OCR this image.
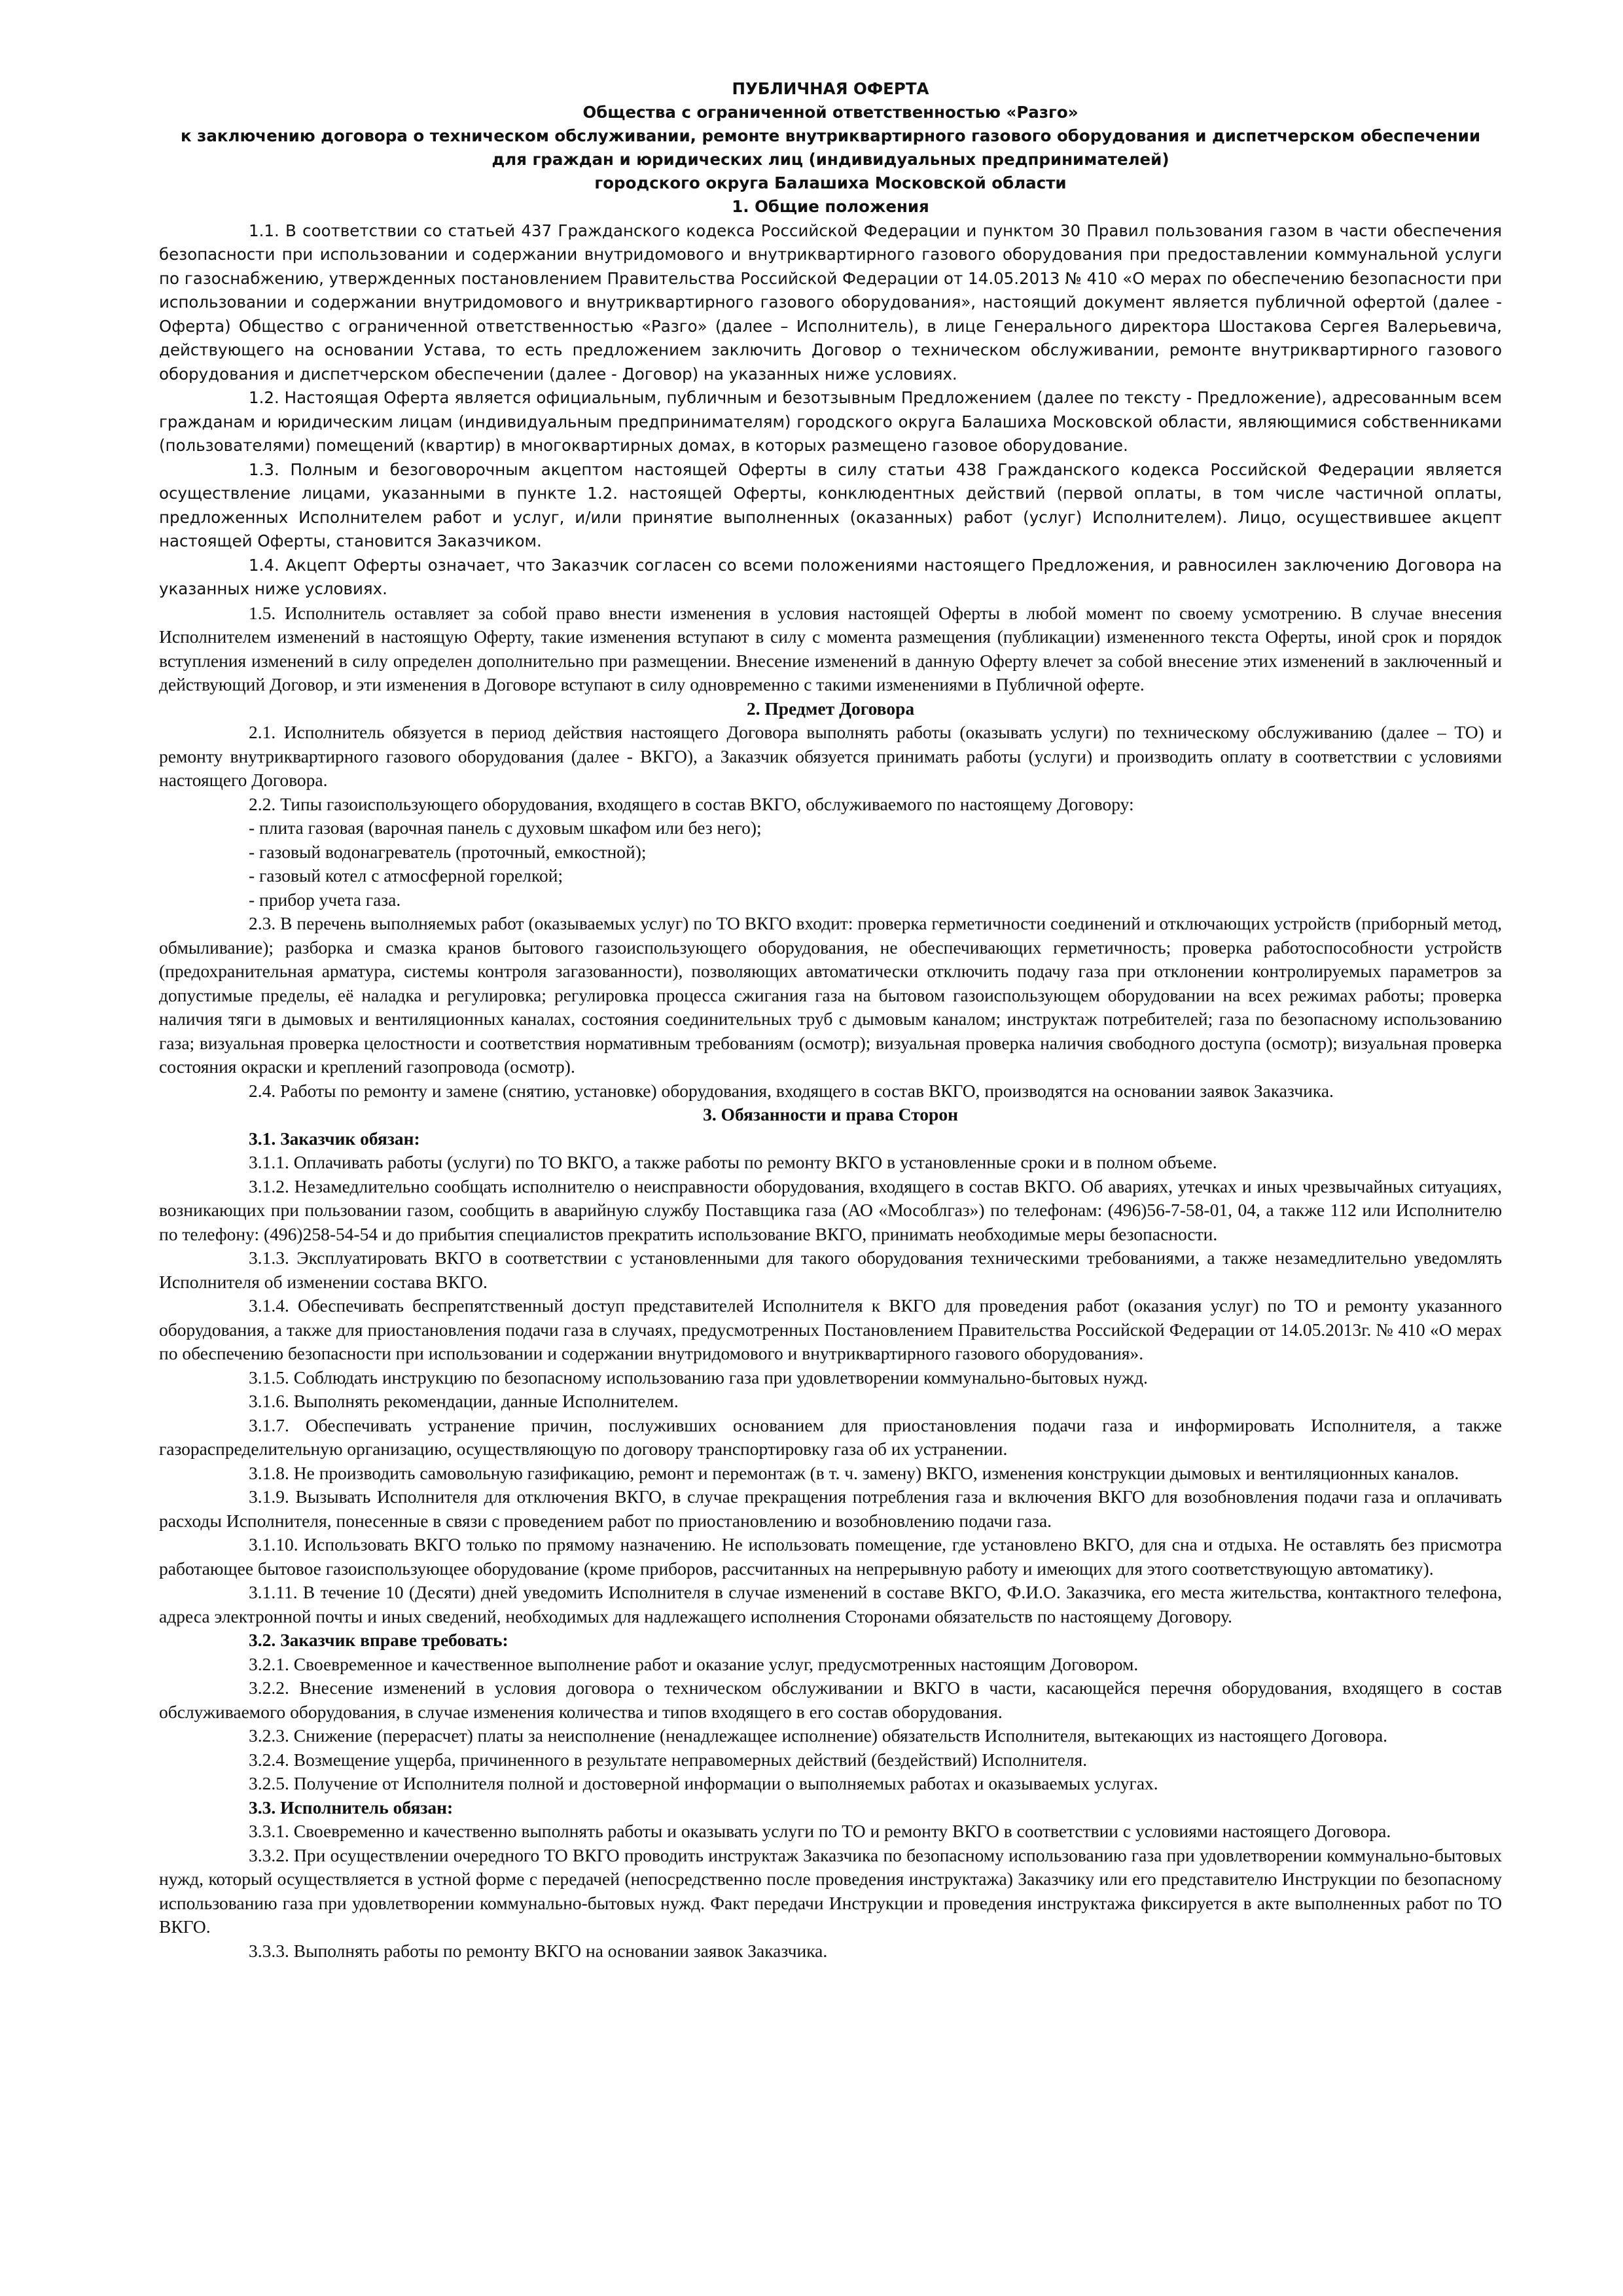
ПУБЛИЧНАЯ ОФЕРТА
Общества с ограниченной ответственностью «Разго»
к заключению договора о техническом обслуживании, ремонте внутриквартирного газового оборудования и диспетчерском обеспечении
для граждан и юридических лиц (индивидуальных предпринимателей)
городского округа Балашиха Московской области
1. Общие положения

1.1. В соответствии со статьей 437 Гражданского кодекса Российской Федерации и пунктом 30 Правил пользования газом в части обеспечения безопасности при использовании и содержании внутридомового и внутриквартирного газового оборудования при предоставлении коммунальной услуги по газоснабжению, утвержденных постановлением Правительства Российской Федерации от 14.05.2013 № 410 «О мерах по обеспечению безопасности при использовании и содержании внутридомового и внутриквартирного газового оборудования», настоящий документ является публичной офертой (далее - Оферта) Общество с ограниченной ответственностью «Разго» (далее – Исполнитель), в лице Генерального директора Шостакова Сергея Валерьевича, действующего на основании Устава, то есть предложением заключить Договор о техническом обслуживании, ремонте внутриквартирного газового оборудования и диспетчерском обеспечении (далее - Договор) на указанных ниже условиях.

1.2. Настоящая Оферта является официальным, публичным и безотзывным Предложением (далее по тексту - Предложение), адресованным всем гражданам и юридическим лицам (индивидуальным предпринимателям) городского округа Балашиха Московской области, являющимися собственниками (пользователями) помещений (квартир) в многоквартирных домах, в которых размещено газовое оборудование.

1.3. Полным и безоговорочным акцептом настоящей Оферты в силу статьи 438 Гражданского кодекса Российской Федерации является осуществление лицами, указанными в пункте 1.2. настоящей Оферты, конклюдентных действий (первой оплаты, в том числе частичной оплаты, предложенных Исполнителем работ и услуг, и/или принятие выполненных (оказанных) работ (услуг) Исполнителем). Лицо, осуществившее акцепт настоящей Оферты, становится Заказчиком.

1.4. Акцепт Оферты означает, что Заказчик согласен со всеми положениями настоящего Предложения, и равносилен заключению Договора на указанных ниже условиях.

1.5. Исполнитель оставляет за собой право внести изменения в условия настоящей Оферты в любой момент по своему усмотрению. В случае внесения Исполнителем изменений в настоящую Оферту, такие изменения вступают в силу с момента размещения (публикации) измененного текста Оферты, иной срок и порядок вступления изменений в силу определен дополнительно при размещении. Внесение изменений в данную Оферту влечет за собой внесение этих изменений в заключенный и действующий Договор, и эти изменения в Договоре вступают в силу одновременно с такими изменениями в Публичной оферте.

2. Предмет Договора

2.1. Исполнитель обязуется в период действия настоящего Договора выполнять работы (оказывать услуги) по техническому обслуживанию (далее – ТО) и ремонту внутриквартирного газового оборудования (далее - ВКГО), а Заказчик обязуется принимать работы (услуги) и производить оплату в соответствии с условиями настоящего Договора.

2.2. Типы газоиспользующего оборудования, входящего в состав ВКГО, обслуживаемого по настоящему Договору:

- плита газовая (варочная панель с духовым шкафом или без него);

- газовый водонагреватель (проточный, емкостной);

- газовый котел с атмосферной горелкой;

- прибор учета газа.

2.3. В перечень выполняемых работ (оказываемых услуг) по ТО ВКГО входит: проверка герметичности соединений и отключающих устройств (приборный метод, обмыливание); разборка и смазка кранов бытового газоиспользующего оборудования, не обеспечивающих герметичность; проверка работоспособности устройств (предохранительная арматура, системы контроля загазованности), позволяющих автоматически отключить подачу газа при отклонении контролируемых параметров за допустимые пределы, её наладка и регулировка; регулировка процесса сжигания газа на бытовом газоиспользующем оборудовании на всех режимах работы; проверка наличия тяги в дымовых и вентиляционных каналах, состояния соединительных труб с дымовым каналом; инструктаж потребителей; газа по безопасному использованию газа; визуальная проверка целостности и соответствия нормативным требованиям (осмотр); визуальная проверка наличия свободного доступа (осмотр); визуальная проверка состояния окраски и креплений газопровода (осмотр).

2.4. Работы по ремонту и замене (снятию, установке) оборудования, входящего в состав ВКГО, производятся на основании заявок Заказчика.

3. Обязанности и права Сторон

3.1. Заказчик обязан:

3.1.1. Оплачивать работы (услуги) по ТО ВКГО, а также работы по ремонту ВКГО в установленные сроки и в полном объеме.

3.1.2. Незамедлительно сообщать исполнителю о неисправности оборудования, входящего в состав ВКГО. Об авариях, утечках и иных чрезвычайных ситуациях, возникающих при пользовании газом, сообщить в аварийную службу Поставщика газа (АО «Мособлгаз») по телефонам: (496)56-7-58-01, 04, а также 112 или Исполнителю по телефону: (496)258-54-54 и до прибытия специалистов прекратить использование ВКГО, принимать необходимые меры безопасности.

3.1.3. Эксплуатировать ВКГО в соответствии с установленными для такого оборудования техническими требованиями, а также незамедлительно уведомлять Исполнителя об изменении состава ВКГО.

3.1.4. Обеспечивать беспрепятственный доступ представителей Исполнителя к ВКГО для проведения работ (оказания услуг) по ТО и ремонту указанного оборудования, а также для приостановления подачи газа в случаях, предусмотренных Постановлением Правительства Российской Федерации от 14.05.2013г. № 410 «О мерах по обеспечению безопасности при использовании и содержании внутридомового и внутриквартирного газового оборудования».

3.1.5. Соблюдать инструкцию по безопасному использованию газа при удовлетворении коммунально-бытовых нужд.

3.1.6. Выполнять рекомендации, данные Исполнителем.

3.1.7. Обеспечивать устранение причин, послуживших основанием для приостановления подачи газа и информировать Исполнителя, а также газораспределительную организацию, осуществляющую по договору транспортировку газа об их устранении.

3.1.8. Не производить самовольную газификацию, ремонт и перемонтаж (в т. ч. замену) ВКГО, изменения конструкции дымовых и вентиляционных каналов.

3.1.9. Вызывать Исполнителя для отключения ВКГО, в случае прекращения потребления газа и включения ВКГО для возобновления подачи газа и оплачивать расходы Исполнителя, понесенные в связи с проведением работ по приостановлению и возобновлению подачи газа.

3.1.10. Использовать ВКГО только по прямому назначению. Не использовать помещение, где установлено ВКГО, для сна и отдыха. Не оставлять без присмотра работающее бытовое газоиспользующее оборудование (кроме приборов, рассчитанных на непрерывную работу и имеющих для этого соответствующую автоматику).

3.1.11. В течение 10 (Десяти) дней уведомить Исполнителя в случае изменений в составе ВКГО, Ф.И.О. Заказчика, его места жительства, контактного телефона, адреса электронной почты и иных сведений, необходимых для надлежащего исполнения Сторонами обязательств по настоящему Договору.

3.2. Заказчик вправе требовать:

3.2.1. Своевременное и качественное выполнение работ и оказание услуг, предусмотренных настоящим Договором.

3.2.2. Внесение изменений в условия договора о техническом обслуживании и ВКГО в части, касающейся перечня оборудования, входящего в состав обслуживаемого оборудования, в случае изменения количества и типов входящего в его состав оборудования.

3.2.3. Снижение (перерасчет) платы за неисполнение (ненадлежащее исполнение) обязательств Исполнителя, вытекающих из настоящего Договора.

3.2.4. Возмещение ущерба, причиненного в результате неправомерных действий (бездействий) Исполнителя.

3.2.5. Получение от Исполнителя полной и достоверной информации о выполняемых работах и оказываемых услугах.

3.3. Исполнитель обязан:

3.3.1. Своевременно и качественно выполнять работы и оказывать услуги по ТО и ремонту ВКГО в соответствии с условиями настоящего Договора.

3.3.2. При осуществлении очередного ТО ВКГО проводить инструктаж Заказчика по безопасному использованию газа при удовлетворении коммунально-бытовых нужд, который осуществляется в устной форме с передачей (непосредственно после проведения инструктажа) Заказчику или его представителю Инструкции по безопасному использованию газа при удовлетворении коммунально-бытовых нужд. Факт передачи Инструкции и проведения инструктажа фиксируется в акте выполненных работ по ТО ВКГО.

3.3.3. Выполнять работы по ремонту ВКГО на основании заявок Заказчика.
